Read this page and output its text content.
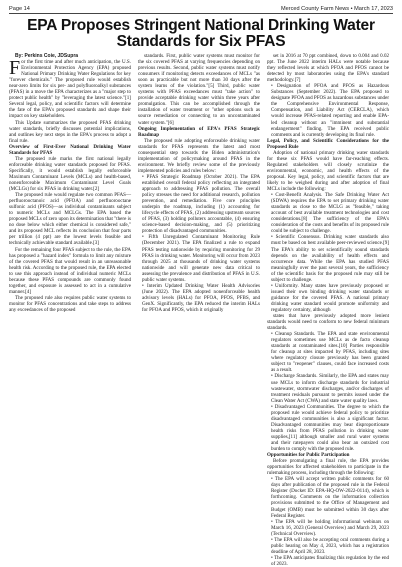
Page 14	Merced County Farm News • March 17, 2023
EPA Proposes Stringent National Drinking Water Standards for Six PFAS

By: Perkins Coie, JDSupra

F or the first time and after much anticipation, the U.S. Environmental Protection Agency (EPA) proposed National Primary Drinking Water Regulations for key "forever chemicals." The proposed rule would establish near-zero limits for six per- and polyfluoroalkyl substances (PFAS) in a move the EPA characterizes as a "major step to protect public health" by "leveraging the latest science."[1] Several legal, policy, and scientific factors will determine the fate of the EPA's proposed standards and shape their impact on key stakeholders.

This Update summarizes the proposed PFAS drinking water standards, briefly discusses potential implications, and outlines key next steps in the EPA's process to adopt a final rule.

Overview of First-Ever National Drinking Water Standards for PFAS

The proposed rule marks the first national legally enforceable drinking water standards proposed for PFAS. Specifically, it would establish legally enforceable Maximum Contaminant Levels (MCLs) and health-based, nonenforceable Maximum Contaminant Level Goals (MCLGs) for six PFAS in drinking water.[2]

The proposed rule would regulate two common PFAS—perfluorooctanoic acid (PFOA) and perfluorooctane sulfonic acid (PFOS)—as individual contaminants subject to numeric MCLs and MCLGs. The EPA based the proposed MCLs of zero upon its determination that "there is no dose below which either chemical is considered safe," and its proposed MCL reflects its conclusion that four parts per trillion (4 ppt) are the lowest levels feasible and technically achievable standard available.[3]

For the remaining four PFAS subject to the rule, the EPA has proposed a "hazard index" formula to limit any mixture of the covered PFAS that would result in an unreasonable health risk. According to the proposed rule, the EPA elected to use this approach instead of individual numeric MCLs because these PFAS compounds are commonly found together, and exposure is assessed to act in a cumulative manner.[4]

The proposed rule also requires public water systems to monitor for PFAS concentrations and take steps to address any exceedances of the proposed

standards. First, public water systems must monitor for the six covered PFAS at varying frequencies depending on previous results. Second, public water systems must notify consumers if monitoring detects exceedances of MCLs "as soon as practicable but not more than 30 days after the system learns of the violation."[5] Third, public water systems with PFAS exceedances must "take action" to provide acceptable drinking water within three years after promulgation. This can be accomplished through the installation of water treatment or "other options such as source remediation or connecting to an uncontaminated water system."[6]

Ongoing Implementation of EPA's PFAS Strategic Roadmap

The proposed rule adopting enforceable drinking water standards for PFAS represents the latest and most consequential step towards the Biden administration's implementation of policymaking around PFAS in the environment. We briefly review some of the previously implemented policies and rules below:

• PFAS Strategic Roadmap (October 2021). The EPA established overall federal policy reflecting an integrated approach to addressing PFAS pollution. The overall policy stresses the need for additional research, pollution prevention, and remediation. Five core principles underpin the roadmap, including (1) accounting for lifecycle effects of PFAS, (2) addressing upstream sources of PFAS, (3) holding polluters accountable, (4) ensuring science-based decision-making, and (5) prioritizing protection of disadvantaged communities.

• Fifth Unregulated Contaminant Monitoring Rule (December 2021). The EPA finalized a rule to expand PFAS testing nationwide by requiring monitoring for 29 PFAS in drinking water. Monitoring will occur from 2023 through 2025 at thousands of drinking water systems nationwide and will generate new data critical to assessing the prevalence and distribution of PFAS in U.S. public water systems.

• Interim Updated Drinking Water Health Advisories (June 2022). The EPA adopted nonenforceable health advisory levels (HALs) for PFOA, PFOS, PFBS, and GenX. Significantly, the EPA reduced the interim HALs for PFOA and PFOS, which it originally

set in 2016 at 70 ppt combined, down to 0.004 and 0.02 ppt. The June 2022 interim HALs were notable because they reflected levels at which PFOA and PFOS cannot be detected by most laboratories using the EPA's standard methodology.[7]

• Designation of PFOA and PFOS as Hazardous Substances (September 2022). The EPA proposed to designate PFOA and PFOS as hazardous substances under the Comprehensive Environmental Response, Compensation, and Liability Act (CERCLA), which would increase PFAS-related reporting and enable EPA-led cleanup without an "imminent and substantial endangerment" finding. The EPA received public comments and is currently developing its final rule.

Legal, Policy, and Scientific Considerations for the Proposed Rule

Adoption of national primary drinking water standards for these six PFAS would have far-reaching effects. Regulated stakeholders will closely scrutinize the environmental, economic, and health effects of the proposal. Key legal, policy, and scientific factors that are likely to be weighed during and after adoption of final MCLs include the following:

• Cost-Benefit Analysis. The Safe Drinking Water Act (SDWA) requires the EPA to set primary drinking water standards as close to the MCLG as "feasible," taking account of best available treatment technologies and cost considerations.[8] The sufficiency of the EPA's consideration of the costs and benefits of its proposed rule could be subject to challenge.

• Scientific Consensus. Drinking water standards also must be based on best available peer-reviewed science.[9] The EPA's ability to set scientifically sound standards depends on the availability of health effects and occurrence data. While the EPA has studied PFAS meaningfully over the past several years, the sufficiency of the scientific basis for the proposed rule may still be subject to challenge.

• Uniformity. Many states have previously proposed or issued their own binding drinking water standards or guidance for the covered PFAS. A national primary drinking water standard would promote uniformity and regulatory certainty, although

states that have previously adopted more lenient standards would need to conform to new federal minimum standards.

• Cleanup Standards. The EPA and state environmental regulators sometimes use MCLs as de facto cleanup standards at contaminated sites.[10] Parties responsible for cleanup at sites impacted by PFAS, including sites where regulatory closure previously has been granted subject to "reopener" clauses, could face increased costs as a result.

• Discharge Standards. Similarly, the EPA and states may use MCLs to inform discharge standards for industrial wastewater, stormwater discharges, and/or discharges of treatment residuals pursuant to permits issued under the Clean Water Act (CWA) and state water quality laws.

• Disadvantaged Communities. The degree to which the proposed rule would achieve federal policy to prioritize disadvantaged communities is also a significant factor. Disadvantaged communities may bear disproportionate health risks from PFAS pollution in drinking water supplies,[11] although smaller and rural water systems and their ratepayers could also bear an outsized cost burden to comply with the proposed rule.

Opportunities for Public Participation

Before promulgating a final rule, the EPA provides opportunities for affected stakeholders to participate in the rulemaking process, including through the following:

• The EPA will accept written public comments for 60 days after publication of the proposed rule in the Federal Register (Docket ID: EPA-HQ-OW-2022-0114), which is forthcoming. Comments on the information collection provisions submitted to the Office of Management and Budget (OMB) must be submitted within 30 days after Federal Register.

• The EPA will be holding informational webinars on March 16, 2023 (General Overview) and March 29, 2023 (Technical Overview).

• The EPA will also be accepting oral comments during a public hearing on May 4, 2023, which has a registration deadline of April 28, 2023.

• The EPA anticipates finalizing this regulation by the end of 2023.
